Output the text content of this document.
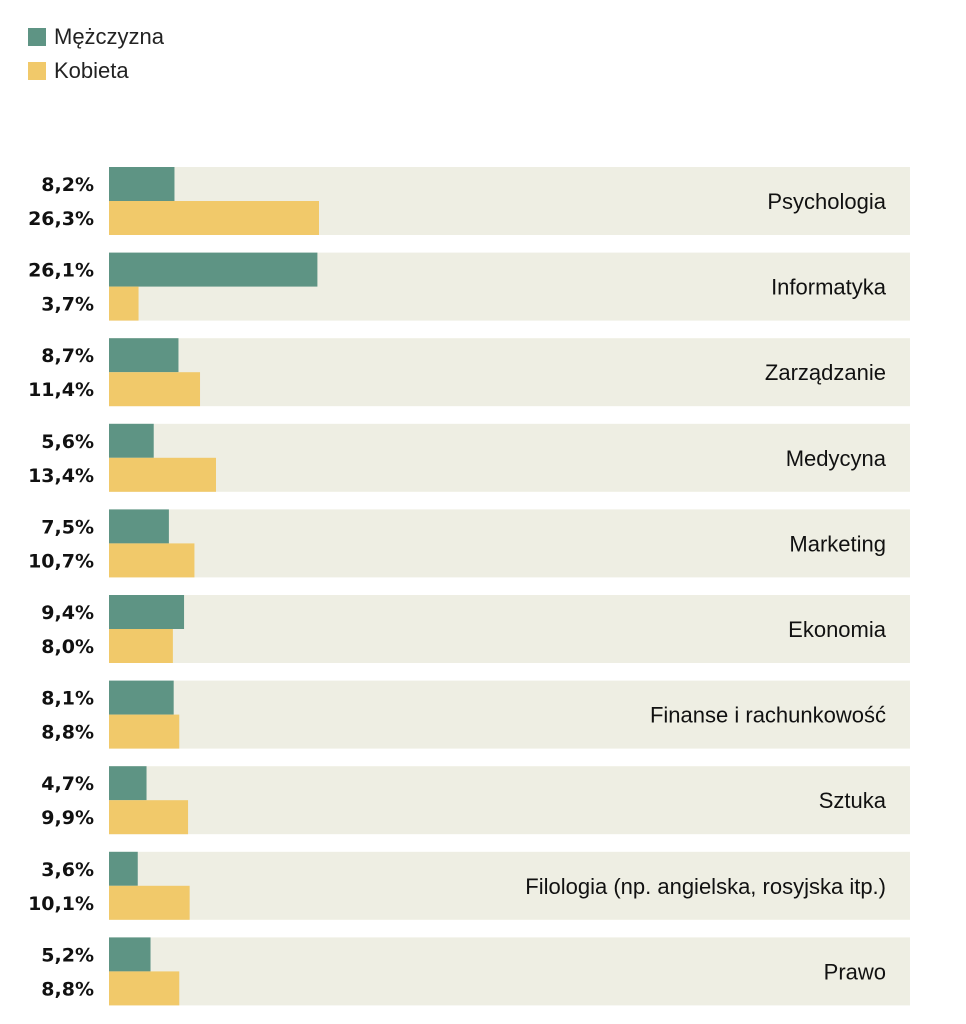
Mężczyzna
Kobieta
8,2%
26,3%
Psychologia
26,1%
3,7%
Informatyka
8,7%
11,4%
Zarządzanie
5,6%
13,4%
Medycyna
7,5%
10,7%
Marketing
9,4%
8,0%
Ekonomia
8,1%
8,8%
Finanse i rachunkowość
4,7%
9,9%
Sztuka
3,6%
10,1%
Filologia (np. angielska, rosyjska itp.)
5,2%
8,8%
Prawo
